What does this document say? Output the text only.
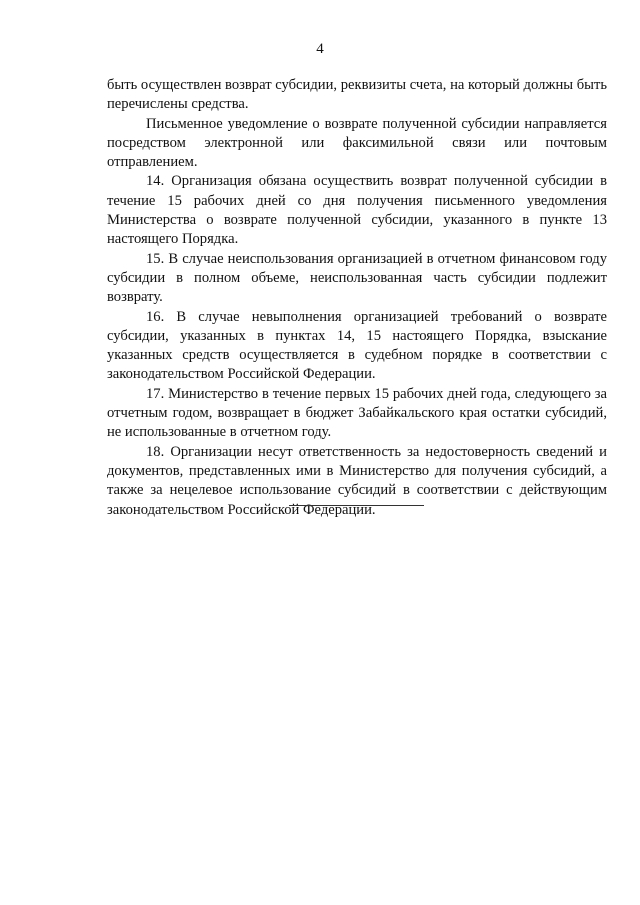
4

быть осуществлен возврат субсидии, реквизиты счета, на который должны быть перечислены средства.

Письменное уведомление о возврате полученной субсидии направляется посредством электронной или факсимильной связи или почтовым отправлением.

14. Организация обязана осуществить возврат полученной субсидии в течение 15 рабочих дней со дня получения письменного уведомления Министерства о возврате полученной субсидии, указанного в пункте 13 настоящего Порядка.

15. В случае неиспользования организацией в отчетном финансовом году субсидии в полном объеме, неиспользованная часть субсидии подлежит возврату.

16. В случае невыполнения организацией требований о возврате субсидии, указанных в пунктах 14, 15 настоящего Порядка, взыскание указанных средств осуществляется в судебном порядке в соответствии с законодательством Российской Федерации.

17. Министерство в течение первых 15 рабочих дней года, следующего за отчетным годом, возвращает в бюджет Забайкальского края остатки субсидий, не использованные в отчетном году.

18. Организации несут ответственность за недостоверность сведений и документов, представленных ими в Министерство для получения субсидий, а также за нецелевое использование субсидий в соответствии с действующим законодательством Российской Федерации.
